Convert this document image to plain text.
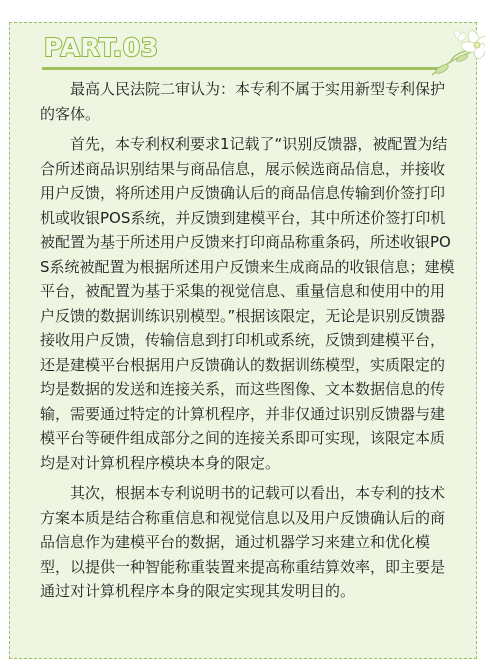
PART.03

最高人民法院二审认为：本专利不属于实用新型专利保护的客体。

首先，本专利权利要求1记载了“识别反馈器，被配置为结合所述商品识别结果与商品信息，展示候选商品信息，并接收用户反馈，将所述用户反馈确认后的商品信息传输到价签打印机或收银POS系统，并反馈到建模平台，其中所述价签打印机被配置为基于所述用户反馈来打印商品称重条码，所述收银POS系统被配置为根据所述用户反馈来生成商品的收银信息；建模平台，被配置为基于采集的视觉信息、重量信息和使用中的用户反馈的数据训练识别模型。”根据该限定，无论是识别反馈器接收用户反馈，传输信息到打印机或系统，反馈到建模平台，还是建模平台根据用户反馈确认的数据训练模型，实质限定的均是数据的发送和连接关系，而这些图像、文本数据信息的传输，需要通过特定的计算机程序，并非仅通过识别反馈器与建模平台等硬件组成部分之间的连接关系即可实现，该限定本质均是对计算机程序模块本身的限定。

其次，根据本专利说明书的记载可以看出，本专利的技术方案本质是结合称重信息和视觉信息以及用户反馈确认后的商品信息作为建模平台的数据，通过机器学习来建立和优化模型，以提供一种智能称重装置来提高称重结算效率，即主要是通过对计算机程序本身的限定实现其发明目的。
